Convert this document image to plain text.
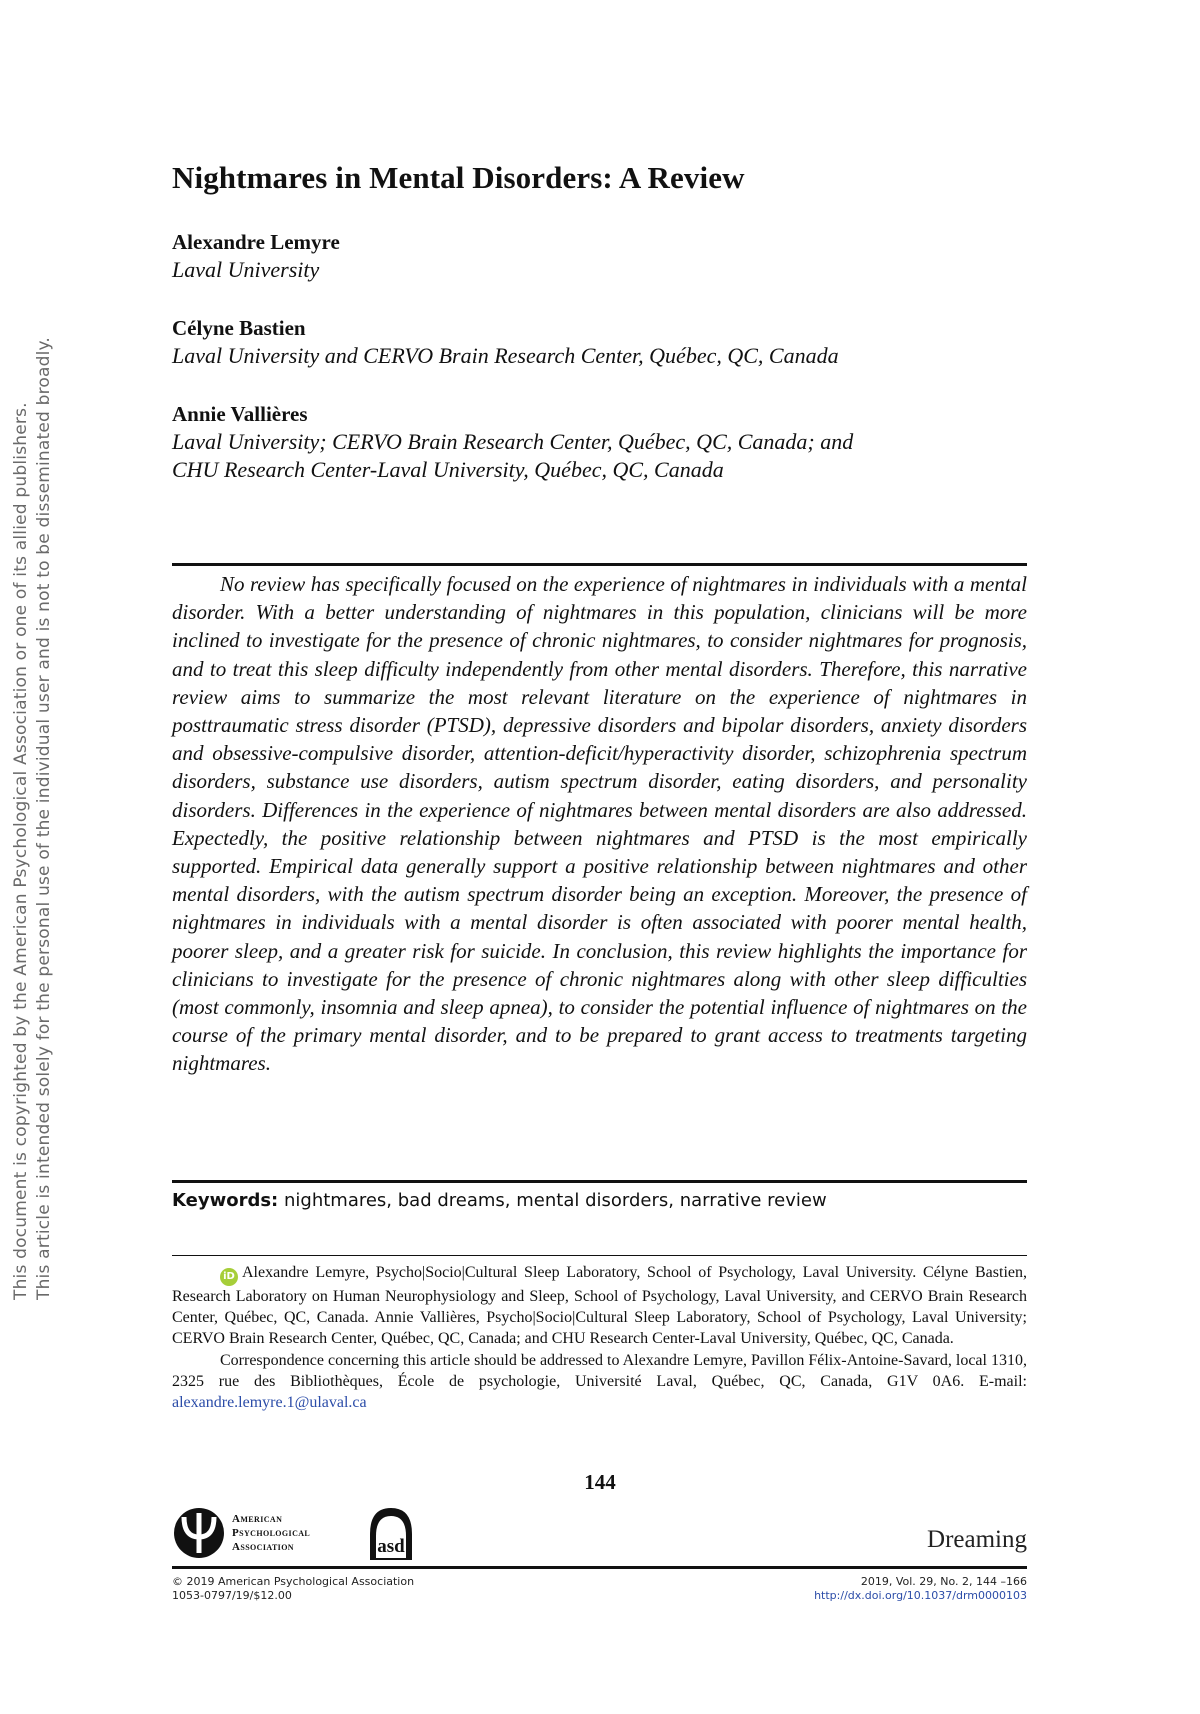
This document is copyrighted by the American Psychological Association or one of its allied publishers. This article is intended solely for the personal use of the individual user and is not to be disseminated broadly.
Nightmares in Mental Disorders: A Review
Alexandre Lemyre
Laval University
Célyne Bastien
Laval University and CERVO Brain Research Center, Québec, QC, Canada
Annie Vallières
Laval University; CERVO Brain Research Center, Québec, QC, Canada; and
CHU Research Center-Laval University, Québec, QC, Canada

No review has specifically focused on the experience of nightmares in individuals with a mental disorder. With a better understanding of nightmares in this population, clinicians will be more inclined to investigate for the presence of chronic nightmares, to consider nightmares for prognosis, and to treat this sleep difficulty independently from other mental disorders. Therefore, this narrative review aims to summarize the most relevant literature on the experience of nightmares in posttraumatic stress disorder (PTSD), depressive disorders and bipolar disorders, anxiety disorders and obsessive-compulsive disorder, attention-deficit/hyperactivity disorder, schizophrenia spectrum disorders, substance use disorders, autism spectrum disorder, eating disorders, and personality disorders. Differences in the experience of nightmares between mental disorders are also addressed. Expectedly, the positive relationship between nightmares and PTSD is the most empirically supported. Empirical data generally support a positive relationship between nightmares and other mental disorders, with the autism spectrum disorder being an exception. Moreover, the presence of nightmares in individuals with a mental disorder is often associated with poorer mental health, poorer sleep, and a greater risk for suicide. In conclusion, this review highlights the importance for clinicians to investigate for the presence of chronic nightmares along with other sleep difficulties (most commonly, insomnia and sleep apnea), to consider the potential influence of nightmares on the course of the primary mental disorder, and to be prepared to grant access to treatments targeting nightmares.

Keywords: nightmares, bad dreams, mental disorders, narrative review

iD Alexandre Lemyre, Psycho|Socio|Cultural Sleep Laboratory, School of Psychology, Laval University. Célyne Bastien, Research Laboratory on Human Neurophysiology and Sleep, School of Psychology, Laval University, and CERVO Brain Research Center, Québec, QC, Canada. Annie Vallières, Psycho|Socio|Cultural Sleep Laboratory, School of Psychology, Laval University; CERVO Brain Research Center, Québec, QC, Canada; and CHU Research Center-Laval University, Québec, QC, Canada.

Correspondence concerning this article should be addressed to Alexandre Lemyre, Pavillon Félix-Antoine-Savard, local 1310, 2325 rue des Bibliothèques, École de psychologie, Université Laval, Québec, QC, Canada, G1V 0A6. E-mail: alexandre.lemyre.1@ulaval.ca

144
American
Psychological
Association	asd	Dreaming
© 2019 American Psychological Association
1053-0797/19/$12.00
2019, Vol. 29, No. 2, 144 –166
http://dx.doi.org/10.1037/drm0000103
